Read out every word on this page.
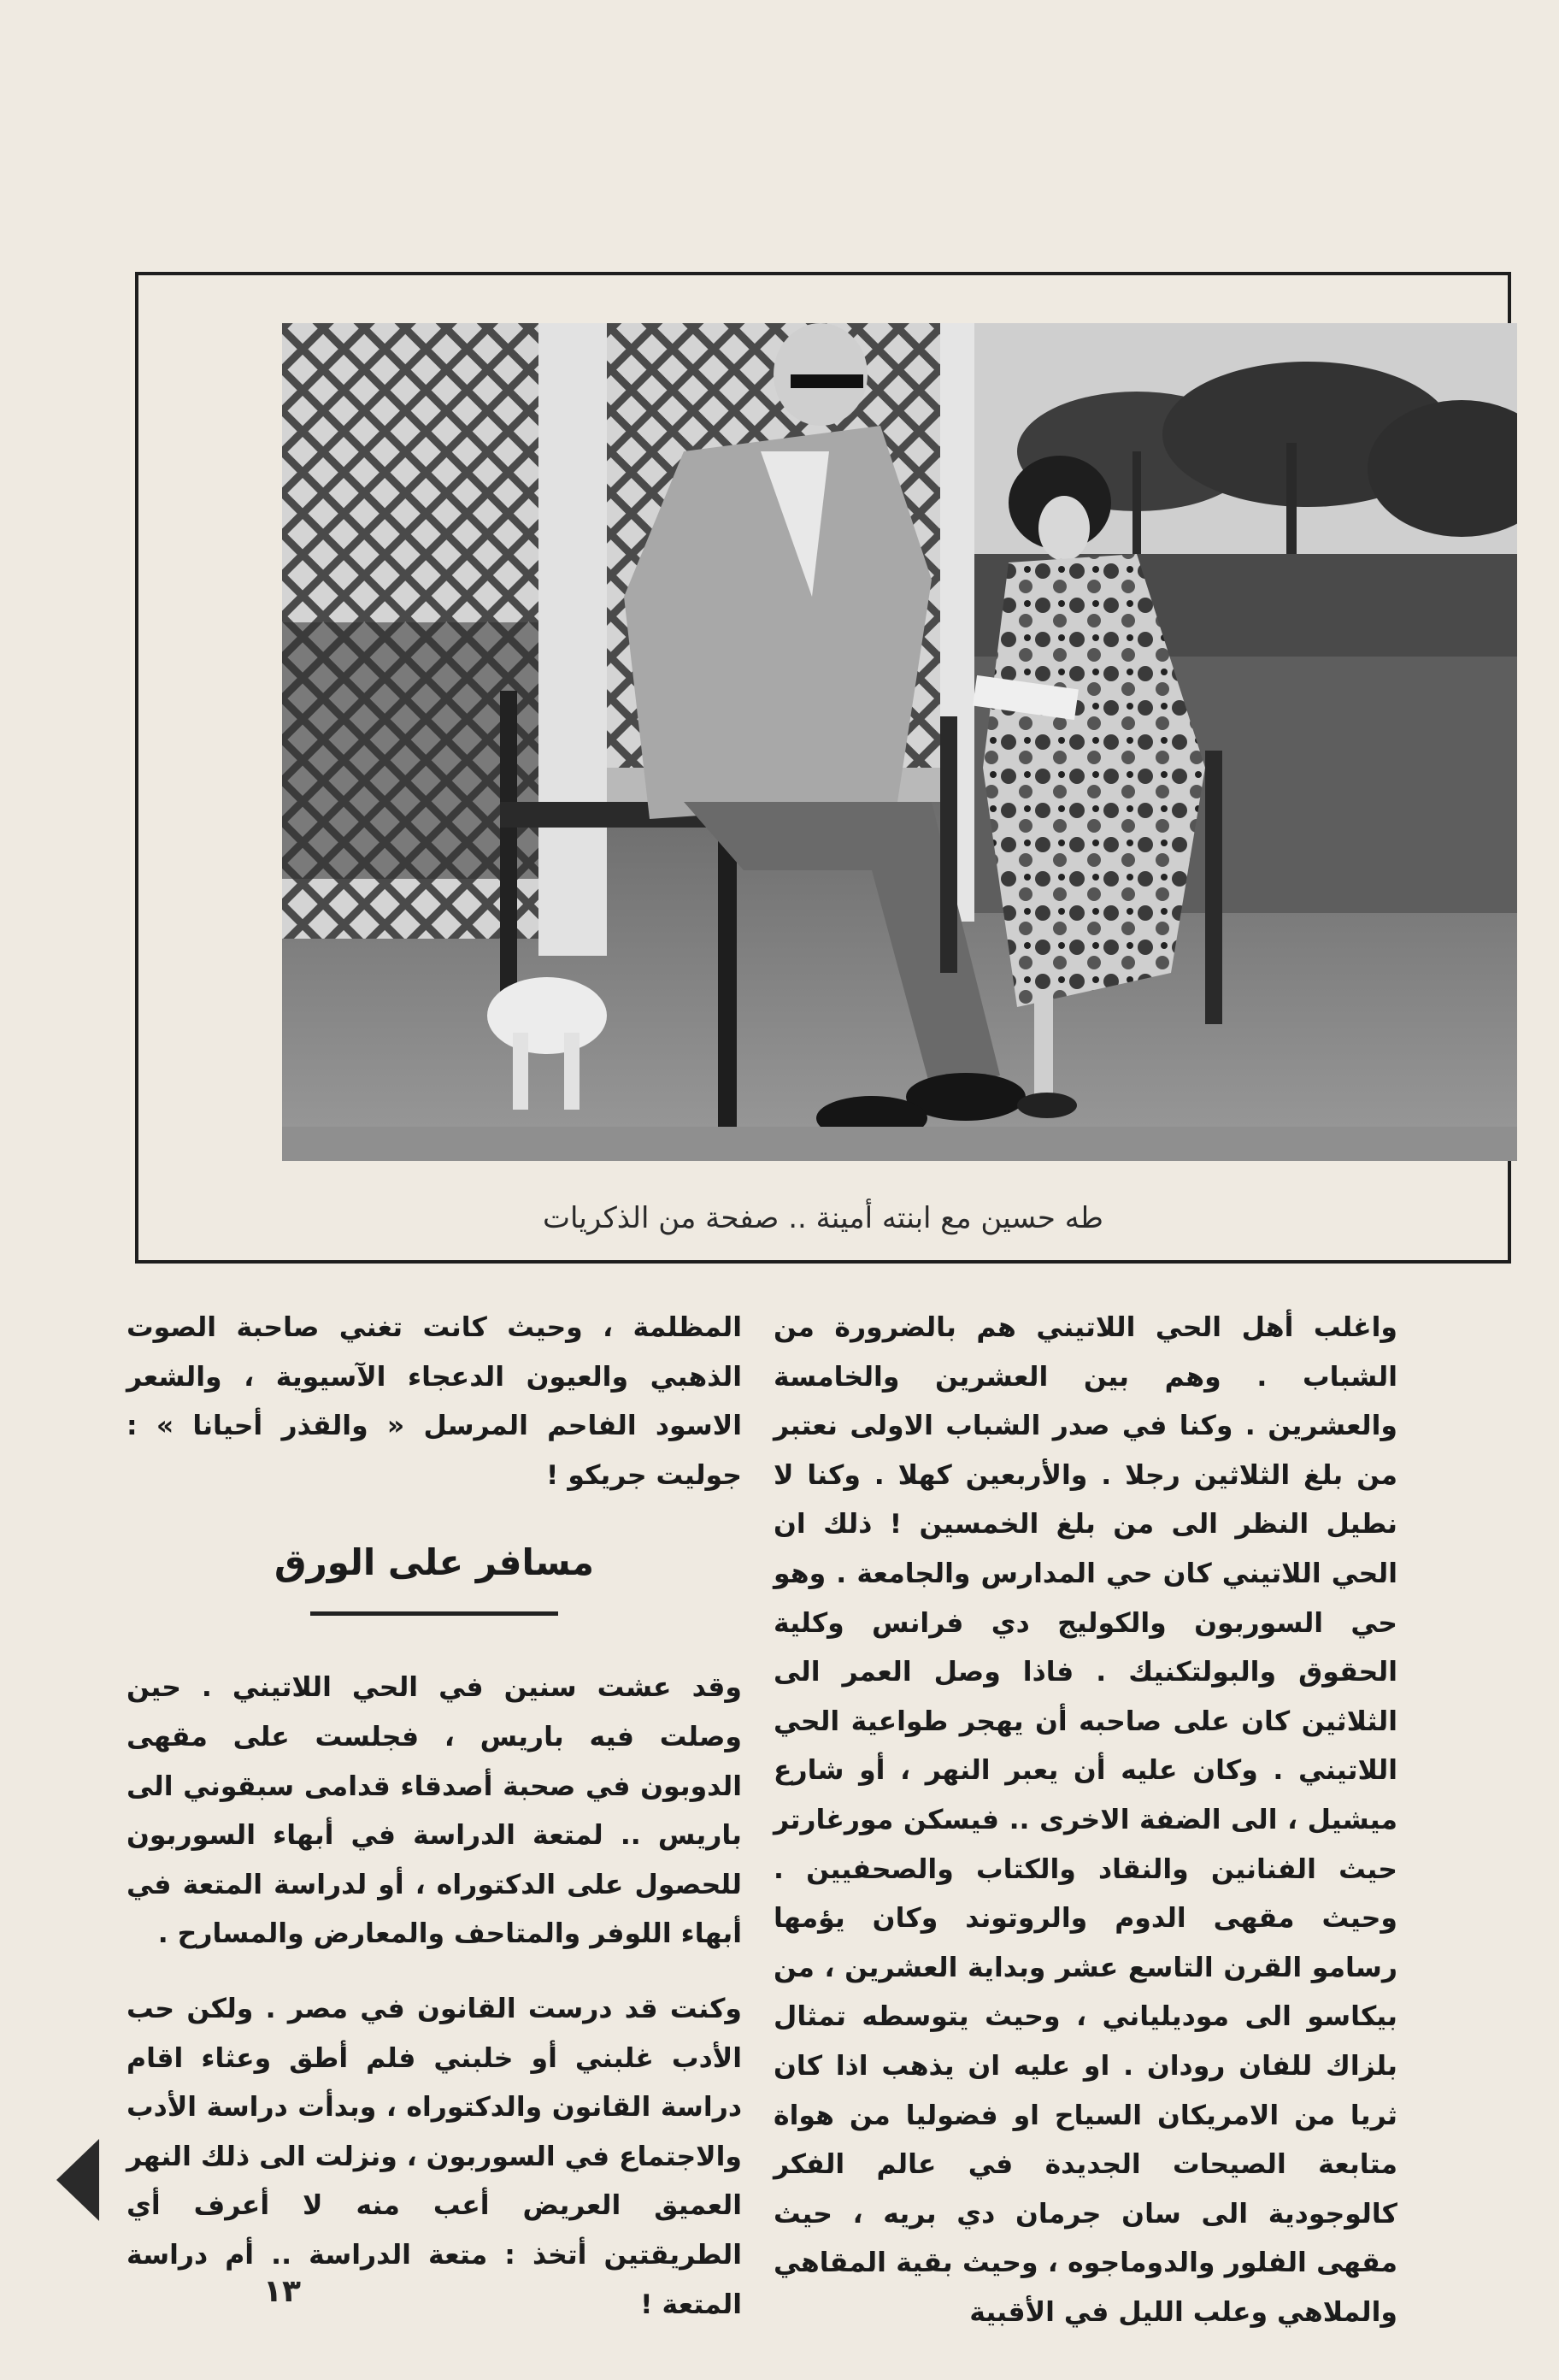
طه حسين مع ابنته أمينة .. صفحة من الذكريات

واغلب أهل الحي اللاتيني هم بالضرورة من الشباب . وهم بين العشرين والخامسة والعشرين . وكنا في صدر الشباب الاولى نعتبر من بلغ الثلاثين رجلا . والأربعين كهلا . وكنا لا نطيل النظر الى من بلغ الخمسين ! ذلك ان الحي اللاتيني كان حي المدارس والجامعة . وهو حي السوربون والكوليج دي فرانس وكلية الحقوق والبولتكنيك . فاذا وصل العمر الى الثلاثين كان على صاحبه أن يهجر طواعية الحي اللاتيني . وكان عليه أن يعبر النهر ، أو شارع ميشيل ، الى الضفة الاخرى .. فيسكن مورغارتر حيث الفنانين والنقاد والكتاب والصحفيين . وحيث مقهى الدوم والروتوند وكان يؤمها رسامو القرن التاسع عشر وبداية العشرين ، من بيكاسو الى موديلياني ، وحيث يتوسطه تمثال بلزاك للفان رودان . او عليه ان يذهب اذا كان ثريا من الامريكان السياح او فضوليا من هواة متابعة الصيحات الجديدة في عالم الفكر كالوجودية الى سان جرمان دي بريه ، حيث مقهى الفلور والدوماجوه ، وحيث بقية المقاهي والملاهي وعلب الليل في الأقبية

المظلمة ، وحيث كانت تغني صاحبة الصوت الذهبي والعيون الدعجاء الآسيوية ، والشعر الاسود الفاحم المرسل « والقذر أحيانا » : جوليت جريكو !

مسافر على الورق

وقد عشت سنين في الحي اللاتيني . حين وصلت فيه باريس ، فجلست على مقهى الدوبون في صحبة أصدقاء قدامى سبقوني الى باريس .. لمتعة الدراسة في أبهاء السوربون للحصول على الدكتوراه ، أو لدراسة المتعة في أبهاء اللوفر والمتاحف والمعارض والمسارح .

وكنت قد درست القانون في مصر . ولكن حب الأدب غلبني أو خلبني فلم أطق وعثاء اقام دراسة القانون والدكتوراه ، وبدأت دراسة الأدب والاجتماع في السوربون ، ونزلت الى ذلك النهر العميق العريض أعب منه لا أعرف أي الطريقتين أتخذ : متعة الدراسة .. أم دراسة المتعة !

١٣
